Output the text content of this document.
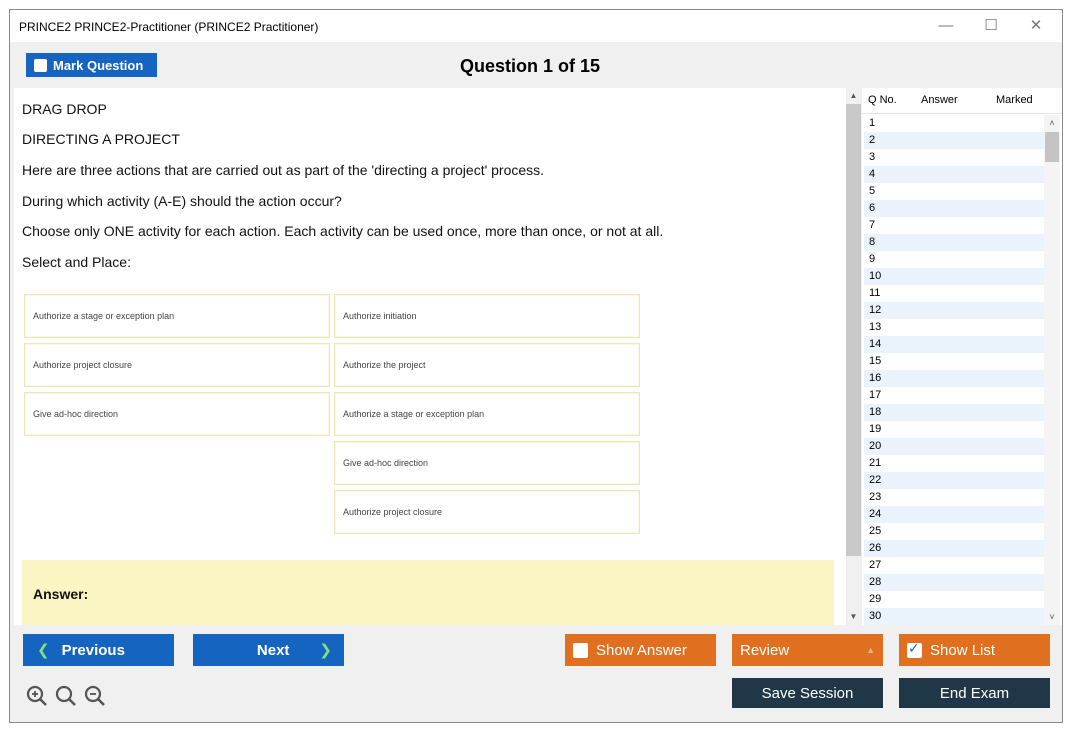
PRINCE2 PRINCE2-Practitioner (PRINCE2 Practitioner)	—	☐	✕
Mark Question	Question 1 of 15

DRAG DROP

DIRECTING A PROJECT

Here are three actions that are carried out as part of the 'directing a project' process.

During which activity (A-E) should the action occur?

Choose only ONE activity for each action. Each activity can be used once, more than once, or not at all.

Select and Place:

Authorize a stage or exception plan
Authorize project closure
Give ad-hoc direction
Authorize initiation
Authorize the project
Authorize a stage or exception plan
Give ad-hoc direction
Authorize project closure
Answer:
▲
▼
Q No. Answer	Marked
1
2
3
4
5
6
7
8
9
10
11
12
13
14
15
16
17
18
19
20
21
22
23
24
25
26
27
28
29
30
˄
˅
❮ Previous	Next ❯	Show Answer	Review	▲
✓	Show List
Save Session	End Exam
